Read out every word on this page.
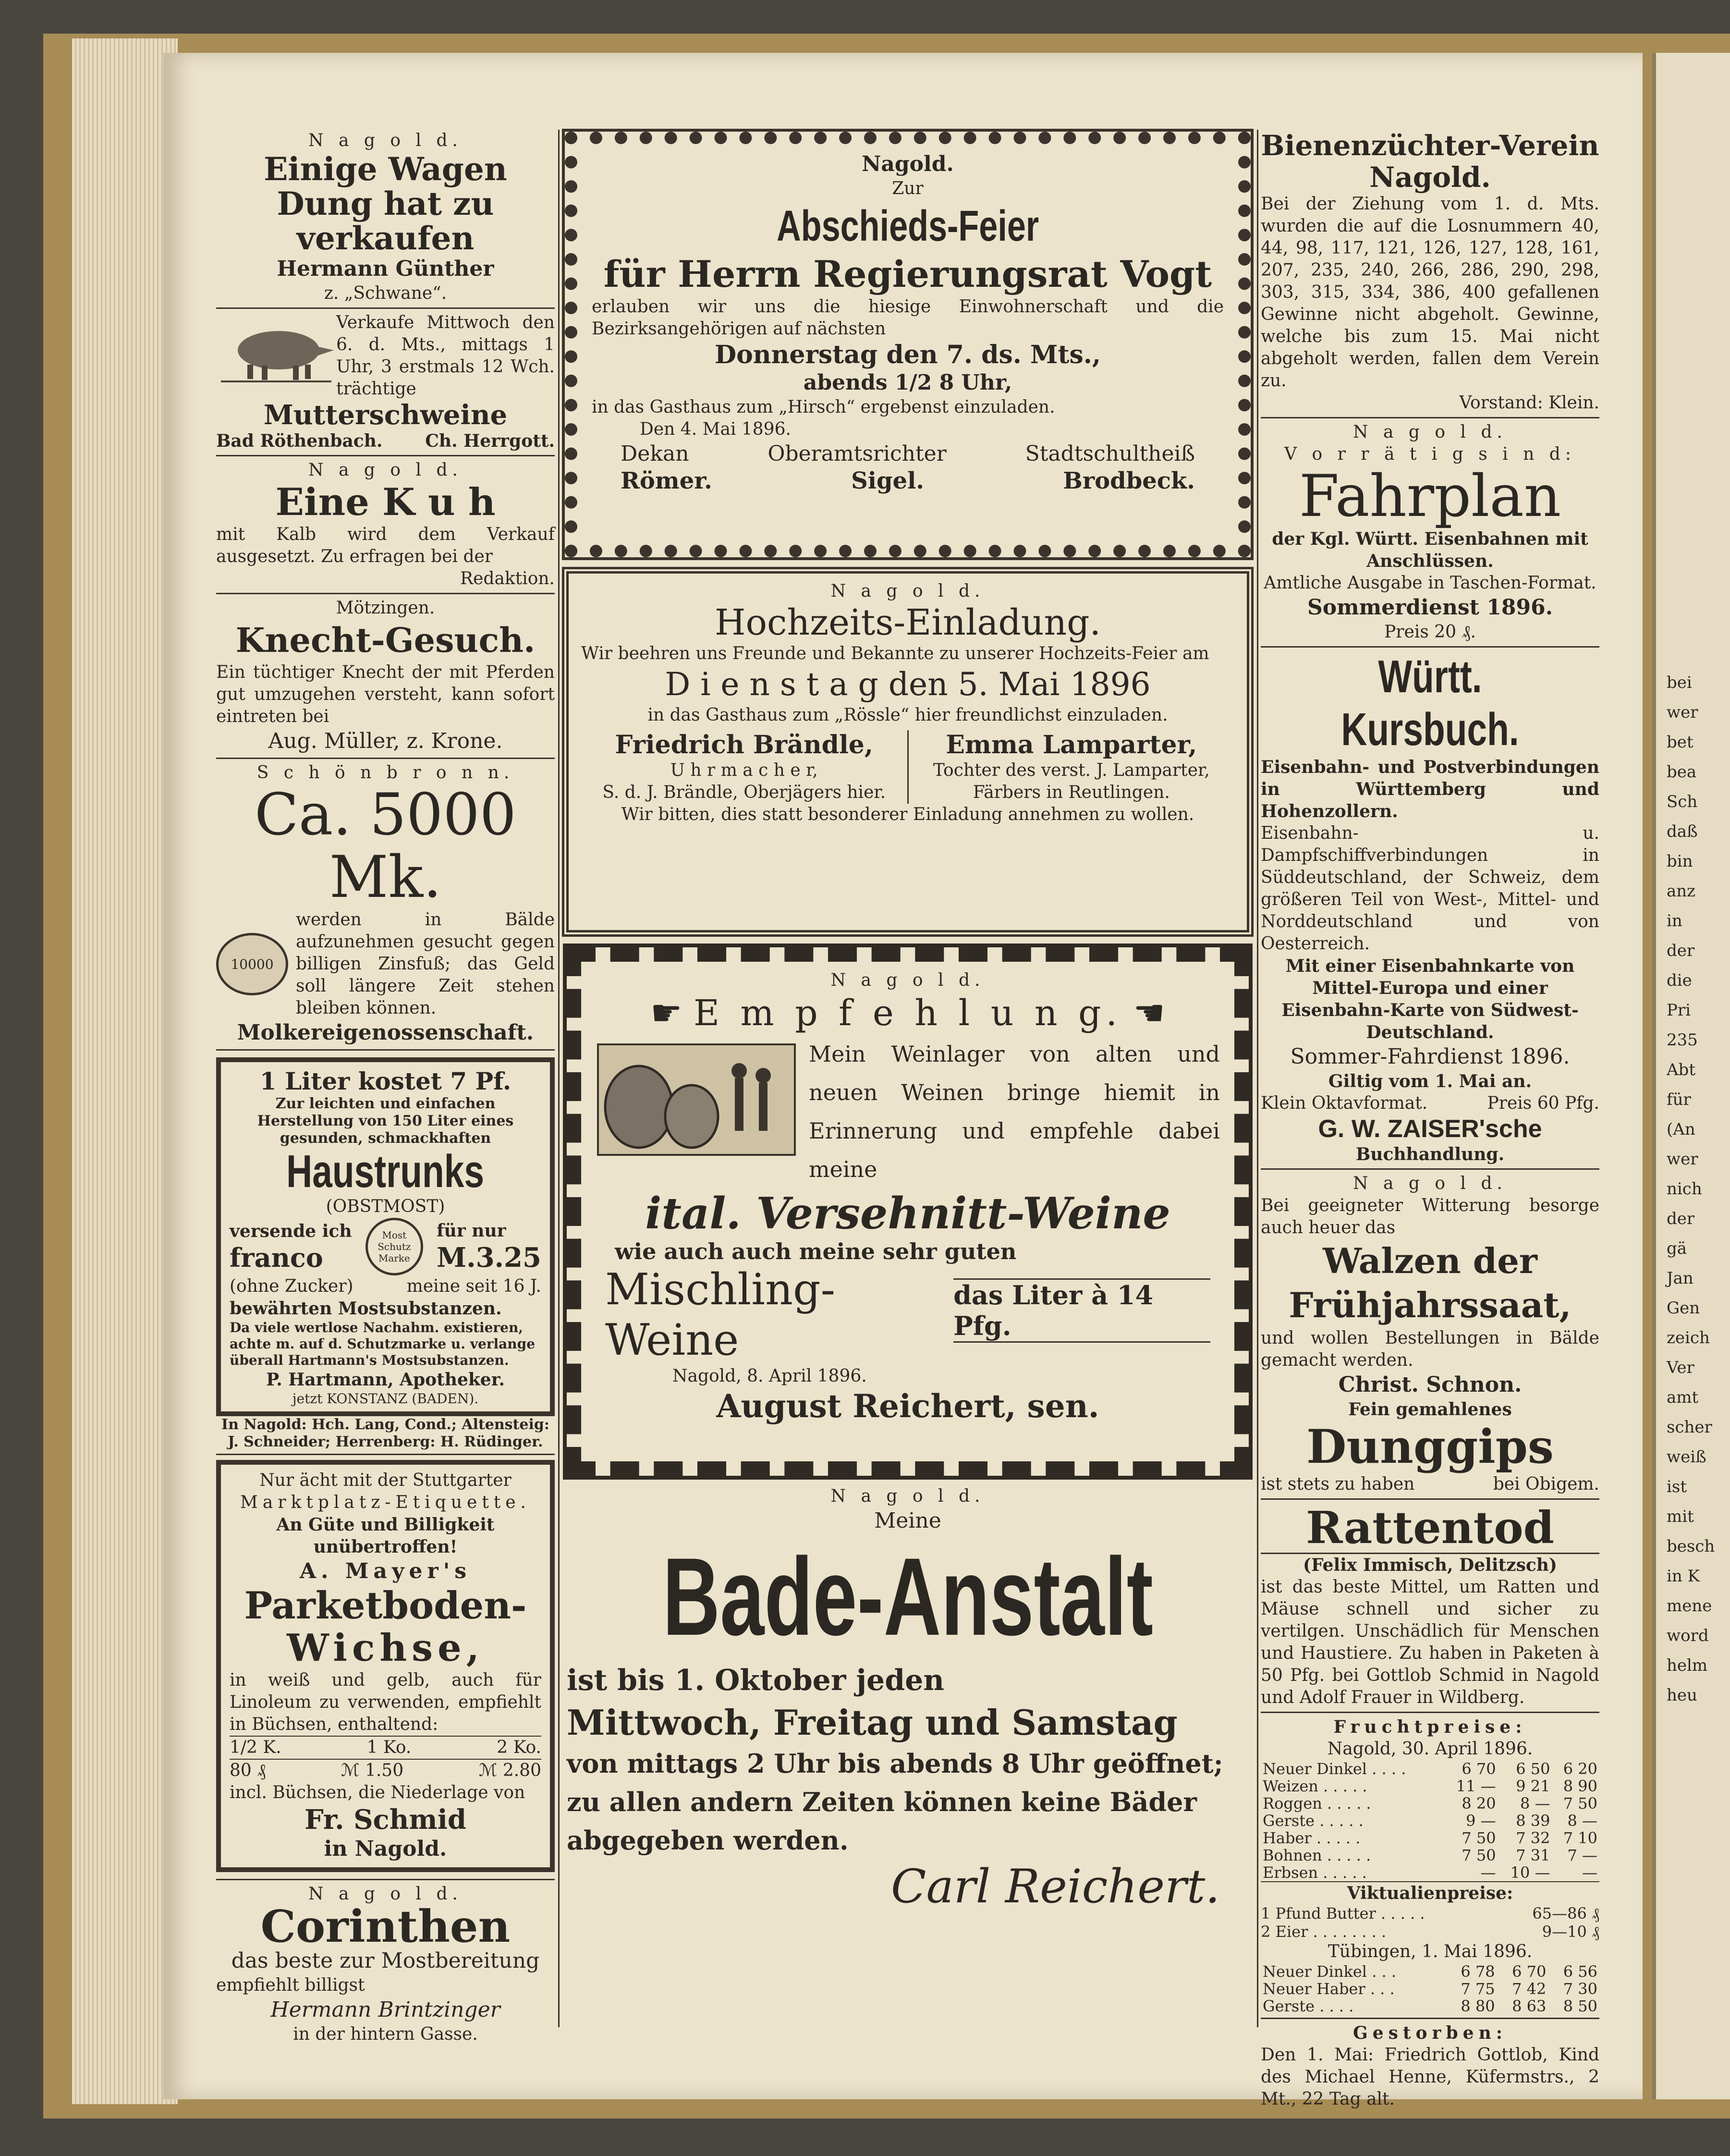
N a g o l d.
Einige Wagen Dung hat zu verkaufen
Hermann Günther
z. „Schwane“.
Verkaufe Mittwoch den 6. d. Mts., mittags 1 Uhr, 3 erstmals 12 Wch. trächtige
Mutterschweine
Bad Röthenbach. Ch. Herrgott.
N a g o l d.
Eine K u h
mit Kalb wird dem Verkauf ausgesetzt. Zu erfragen bei der
Redaktion.
Mötzingen.
Knecht-Gesuch.
Ein tüchtiger Knecht der mit Pferden gut umzugehen versteht, kann sofort eintreten bei
Aug. Müller, z. Krone.
S c h ö n b r o n n.
Ca. 5000 Mk.
10000
werden in Bälde aufzunehmen gesucht gegen billigen Zinsfuß; das Geld soll längere Zeit stehen bleiben können.
Molkereigenossenschaft.
1 Liter kostet 7 Pf.
Zur leichten und einfachen Herstellung von 150 Liter eines gesunden, schmackhaften
Haustrunks
(OBSTMOST)
versende ich
franco
Most Schutz Marke
für nur
M.3.25
(ohne Zucker)	meine seit 16 J.
bewährten Mostsubstanzen.
Da viele wertlose Nachahm. existieren, achte m. auf d. Schutzmarke u. verlange überall Hartmann's Mostsubstanzen.
P. Hartmann, Apotheker.
jetzt KONSTANZ (BADEN).
In Nagold: Hch. Lang, Cond.; Altensteig: J. Schneider; Herrenberg: H. Rüdinger.
Nur ächt mit der Stuttgarter
Marktplatz-Etiquette.
An Güte und Billigkeit
unübertroffen!
A. Mayer's
Parketboden-
Wichse,
in weiß und gelb, auch für Linoleum zu verwenden, empfiehlt in Büchsen, enthaltend:
1/2 K.	1 Ko.	2 Ko.
80 ₰	ℳ 1.50	ℳ 2.80
incl. Büchsen, die Niederlage von
Fr. Schmid
in Nagold.
N a g o l d.
Corinthen
das beste zur Mostbereitung
empfiehlt billigst
Hermann Brintzinger
in der hintern Gasse.
Nagold.
Zur
Abschieds-Feier
für Herrn Regierungsrat Vogt
erlauben wir uns die hiesige Einwohnerschaft und die Bezirksangehörigen auf nächsten
Donnerstag den 7. ds. Mts.,
abends 1/2 8 Uhr,
in das Gasthaus zum „Hirsch“ ergebenst einzuladen.
Den 4. Mai 1896.
Dekan	Oberamtsrichter	Stadtschultheiß
Römer.	Sigel.	Brodbeck.
N a g o l d.
Hochzeits-Einladung.
Wir beehren uns Freunde und Bekannte zu unserer Hochzeits-Feier am
D i e n s t a g den 5. Mai 1896
in das Gasthaus zum „Rössle“ hier freundlichst einzuladen.
Friedrich Brändle,
U h r m a c h e r,
S. d. J. Brändle, Oberjägers hier.
Emma Lamparter,
Tochter des verst. J. Lamparter,
Färbers in Reutlingen.
Wir bitten, dies statt besonderer Einladung annehmen zu wollen.
N a g o l d.
☛ E m p f e h l u n g. ☚
Mein Weinlager von alten und neuen Weinen bringe hiemit in Erinnerung und empfehle dabei meine
ital. Versehnitt-Weine
wie auch auch meine sehr guten
Mischling-Weine
das Liter à 14 Pfg.
Nagold, 8. April 1896.
August Reichert, sen.
N a g o l d.
Meine
Bade-Anstalt
ist bis 1. Oktober jeden
Mittwoch, Freitag und Samstag
von mittags 2 Uhr bis abends 8 Uhr geöffnet;
zu allen andern Zeiten können keine Bäder abgegeben werden.
Carl Reichert.
Bienenzüchter-Verein Nagold.
Bei der Ziehung vom 1. d. Mts. wurden die auf die Losnummern 40, 44, 98, 117, 121, 126, 127, 128, 161, 207, 235, 240, 266, 286, 290, 298, 303, 315, 334, 386, 400 gefallenen Gewinne nicht abgeholt. Gewinne, welche bis zum 15. Mai nicht abgeholt werden, fallen dem Verein zu.
Vorstand: Klein.
N a g o l d.
V o r r ä t i g s i n d:
Fahrplan
der Kgl. Württ. Eisenbahnen mit Anschlüssen.
Amtliche Ausgabe in Taschen-Format.
Sommerdienst 1896.
Preis 20 ₰.
Württ. Kursbuch.
Eisenbahn- und Postverbindungen in Württemberg und Hohenzollern.
Eisenbahn- u. Dampfschiffverbindungen in Süddeutschland, der Schweiz, dem größeren Teil von West-, Mittel- und Norddeutschland und von Oesterreich.
Mit einer Eisenbahnkarte von Mittel-Europa und einer Eisenbahn-Karte von Südwest-Deutschland.
Sommer-Fahrdienst 1896.
Giltig vom 1. Mai an.
Klein Oktavformat.	Preis 60 Pfg.
G. W. ZAISER'sche
Buchhandlung.
N a g o l d.
Bei geeigneter Witterung besorge auch heuer das
Walzen der Frühjahrssaat,
und wollen Bestellungen in Bälde gemacht werden.
Christ. Schnon.
Fein gemahlenes
Dunggips
ist stets zu haben	bei Obigem.
Rattentod
(Felix Immisch, Delitzsch)
ist das beste Mittel, um Ratten und Mäuse schnell und sicher zu vertilgen. Unschädlich für Menschen und Haustiere. Zu haben in Paketen à 50 Pfg. bei Gottlob Schmid in Nagold und Adolf Frauer in Wildberg.
Fruchtpreise:
Nagold, 30. April 1896.
Neuer Dinkel . . . .	6 70	6 50	6 20
Weizen . . . . .	11 —	9 21	8 90
Roggen . . . . .	8 20	8 —	7 50
Gerste . . . . .	9 —	8 39	8 —
Haber . . . . .	7 50	7 32	7 10
Bohnen . . . . .	7 50	7 31	7 —
Erbsen . . . . .	—	10 —	—
Viktualienpreise:
1 Pfund Butter . . . . .	65—86 ₰
2 Eier . . . . . . . .	9—10 ₰
Tübingen, 1. Mai 1896.
Neuer Dinkel . . .	6 78	6 70	6 56
Neuer Haber . . .	7 75	7 42	7 30
Gerste . . . .	8 80	8 63	8 50
Gestorben:
Den 1. Mai: Friedrich Gottlob, Kind des Michael Henne, Küfermstrs., 2 Mt., 22 Tag alt.
bei
wer
bet
bea
Sch
daß
bin
anz
in
der
die
Pri
235
Abt
für
(An
wer
nich
der
gä
Jan
Gen
zeich
Ver
amt
scher
weiß
ist
mit
besch
in K
mene
word
helm
heu
